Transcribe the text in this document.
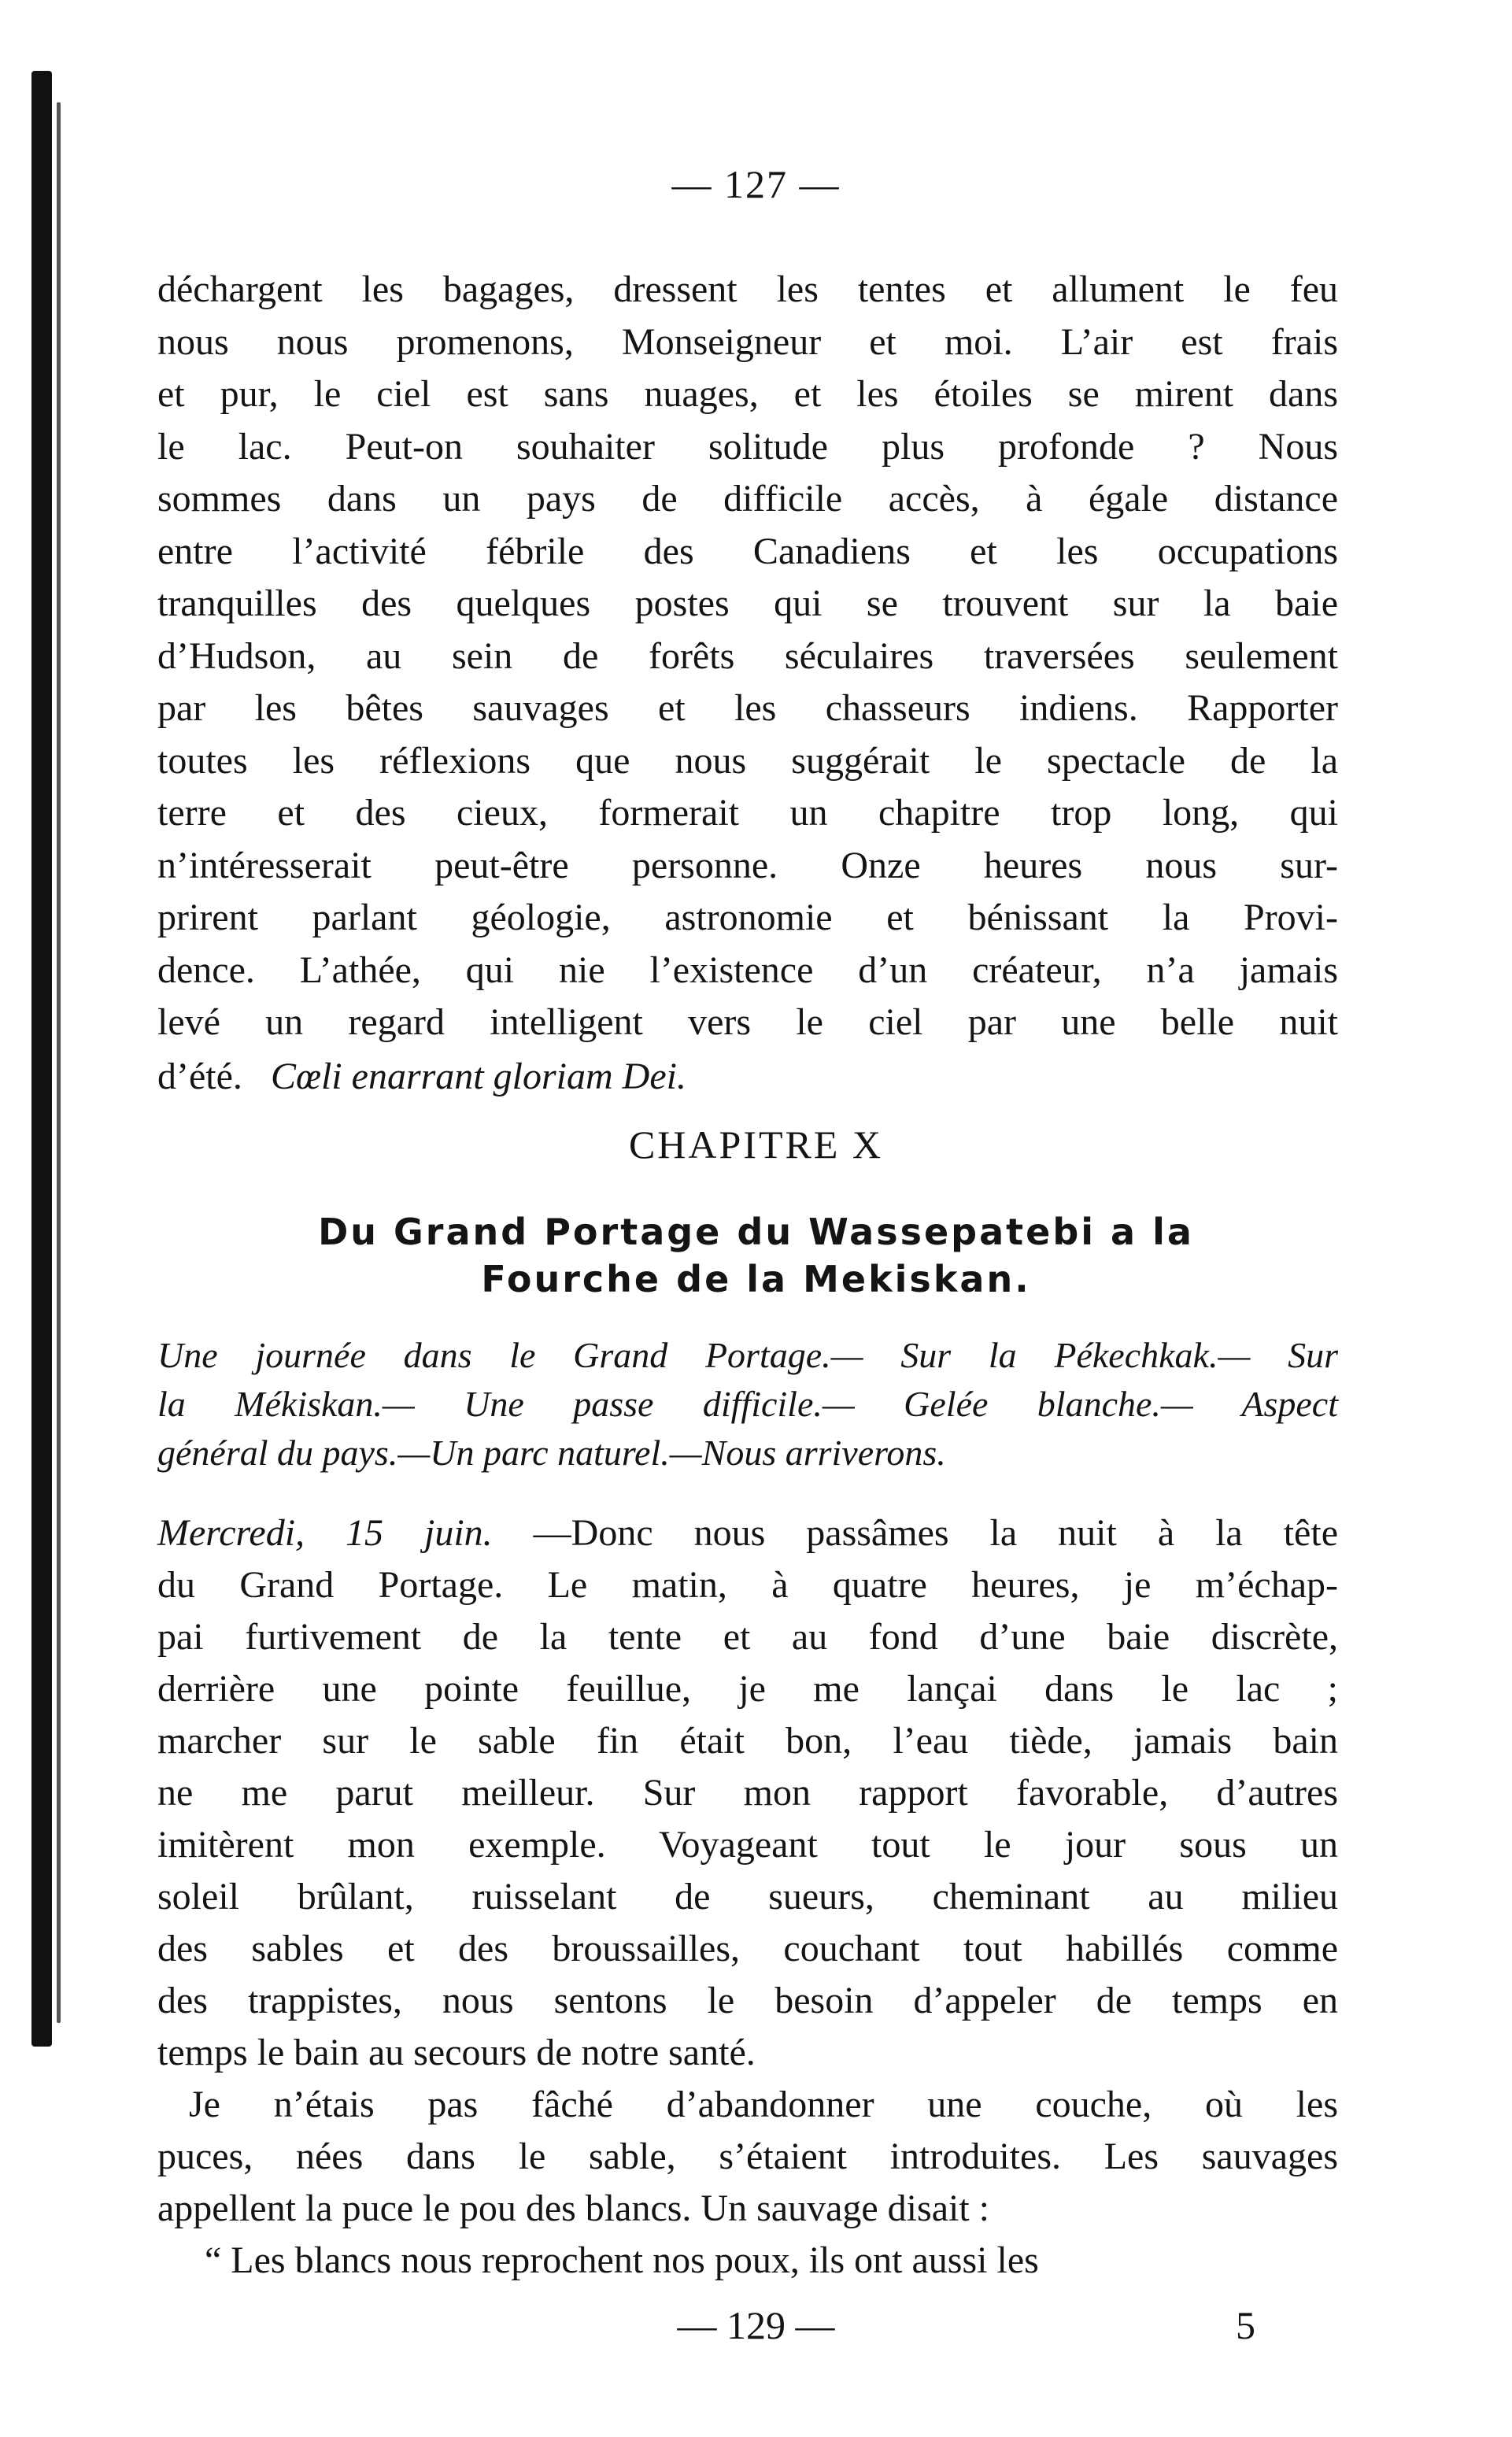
— 127 —
déchargent les bagages, dressent les tentes et allument le feu
nous nous promenons, Monseigneur et moi. L’air est frais
et pur, le ciel est sans nuages, et les étoiles se mirent dans
le lac. Peut-on souhaiter solitude plus profonde ? Nous
sommes dans un pays de difficile accès, à égale distance
entre l’activité fébrile des Canadiens et les occupations
tranquilles des quelques postes qui se trouvent sur la baie
d’Hudson, au sein de forêts séculaires traversées seulement
par les bêtes sauvages et les chasseurs indiens. Rapporter
toutes les réflexions que nous suggérait le spectacle de la
terre et des cieux, formerait un chapitre trop long, qui
n’intéresserait peut-être personne. Onze heures nous sur-
prirent parlant géologie, astronomie et bénissant la Provi-
dence. L’athée, qui nie l’existence d’un créateur, n’a jamais
levé un regard intelligent vers le ciel par une belle nuit
d’été. Cœli enarrant gloriam Dei.
CHAPITRE X
Du Grand Portage du Wassepatebi a la
Fourche de la Mekiskan.
Une journée dans le Grand Portage.— Sur la Pékechkak.— Sur
la Mékiskan.— Une passe difficile.— Gelée blanche.— Aspect
général du pays.—Un parc naturel.—Nous arriverons.
Mercredi, 15 juin. —Donc nous passâmes la nuit à la tête
du Grand Portage. Le matin, à quatre heures, je m’échap-
pai furtivement de la tente et au fond d’une baie discrète,
derrière une pointe feuillue, je me lançai dans le lac ;
marcher sur le sable fin était bon, l’eau tiède, jamais bain
ne me parut meilleur. Sur mon rapport favorable, d’autres
imitèrent mon exemple. Voyageant tout le jour sous un
soleil brûlant, ruisselant de sueurs, cheminant au milieu
des sables et des broussailles, couchant tout habillés comme
des trappistes, nous sentons le besoin d’appeler de temps en
temps le bain au secours de notre santé.
Je n’étais pas fâché d’abandonner une couche, où les
puces, nées dans le sable, s’étaient introduites. Les sauvages
appellent la puce le pou des blancs. Un sauvage disait :
“ Les blancs nous reprochent nos poux, ils ont aussi les
— 129 —	5
